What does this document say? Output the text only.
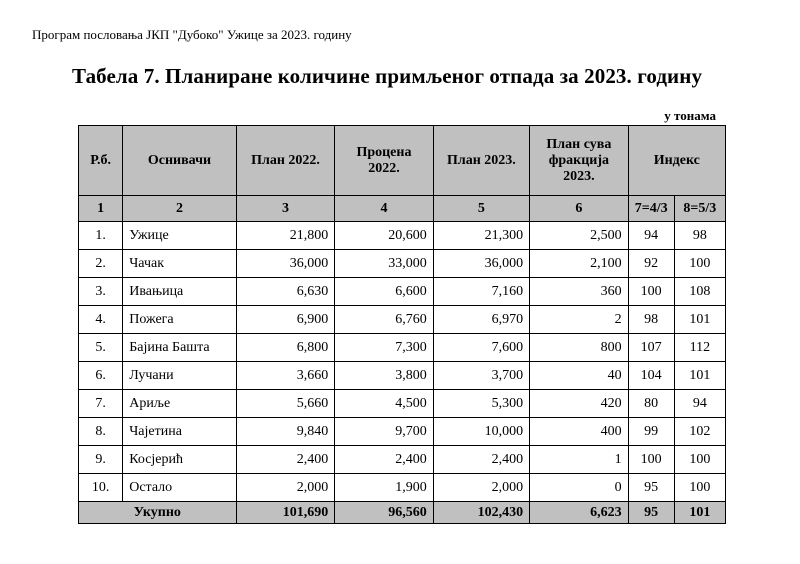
Програм пословања ЈКП "Дубоко" Ужице за 2023. годину
Табела 7. Планиране количине примљеног отпада за 2023. годину
у тонама
Р.б.	Оснивачи	План 2022.	Процена 2022.	План 2023.	План сува фракција 2023.	Индекс	
1	2	3	4	5	6	7=4/3	8=5/3
1.	Ужице	21,800	20,600	21,300	2,500	94	98
2.	Чачак	36,000	33,000	36,000	2,100	92	100
3.	Ивањица	6,630	6,600	7,160	360	100	108
4.	Пожега	6,900	6,760	6,970	2	98	101
5.	Бајина Башта	6,800	7,300	7,600	800	107	112
6.	Лучани	3,660	3,800	3,700	40	104	101
7.	Ариље	5,660	4,500	5,300	420	80	94
8.	Чајетина	9,840	9,700	10,000	400	99	102
9.	Косјерић	2,400	2,400	2,400	1	100	100
10.	Остало	2,000	1,900	2,000	0	95	100
Укупно		101,690	96,560	102,430	6,623	95	101
